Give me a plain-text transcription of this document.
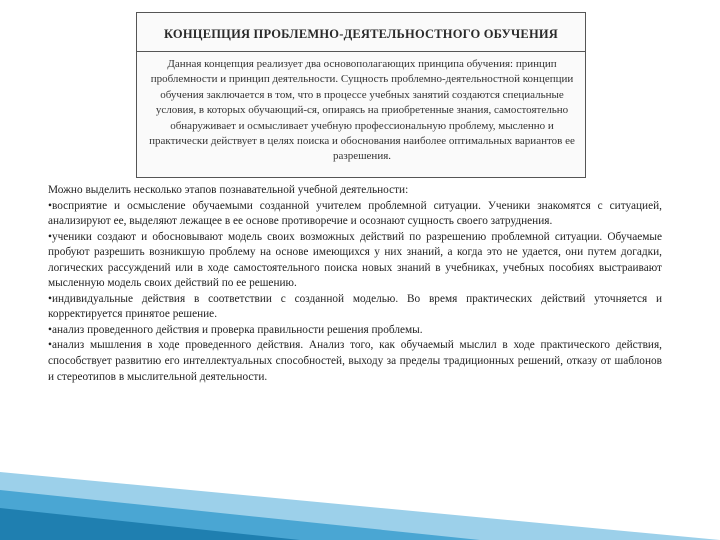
КОНЦЕПЦИЯ ПРОБЛЕМНО-ДЕЯТЕЛЬНОСТНОГО ОБУЧЕНИЯ
Данная концепция реализует два основополагающих принципа обучения: принцип проблемности и принцип деятельности. Сущность проблемно-деятельностной концепции обучения заключается в том, что в процессе учебных занятий создаются специальные условия, в которых обучающий-ся, опираясь на приобретенные знания, самостоятельно обнаруживает и осмысливает учебную профессиональную проблему, мысленно и практически действует в целях поиска и обоснования наиболее оптимальных вариантов ее разрешения.

Можно выделить несколько этапов познавательной учебной деятельности:

•восприятие и осмысление обучаемыми созданной учителем проблемной ситуации. Ученики знакомятся с ситуацией, анализируют ее, выделяют лежащее в ее основе противоречие и осознают сущность своего затруднения.

•ученики создают и обосновывают модель своих возможных действий по разрешению проблемной ситуации. Обучаемые пробуют разрешить возникшую проблему на основе имеющихся у них знаний, а когда это не удается, они путем догадки, логических рассуждений или в ходе самостоятельного поиска новых знаний в учебниках, учебных пособиях выстраивают мысленную модель своих действий по ее решению.

•индивидуальные действия в соответствии с созданной моделью. Во время практических действий уточняется и корректируется принятое решение.

•анализ проведенного действия и проверка правильности решения проблемы.

•анализ мышления в ходе проведенного действия. Анализ того, как обучаемый мыслил в ходе практического действия, способствует развитию его интеллектуальных способностей, выходу за пределы традиционных решений, отказу от шаблонов и стереотипов в мыслительной деятельности.
